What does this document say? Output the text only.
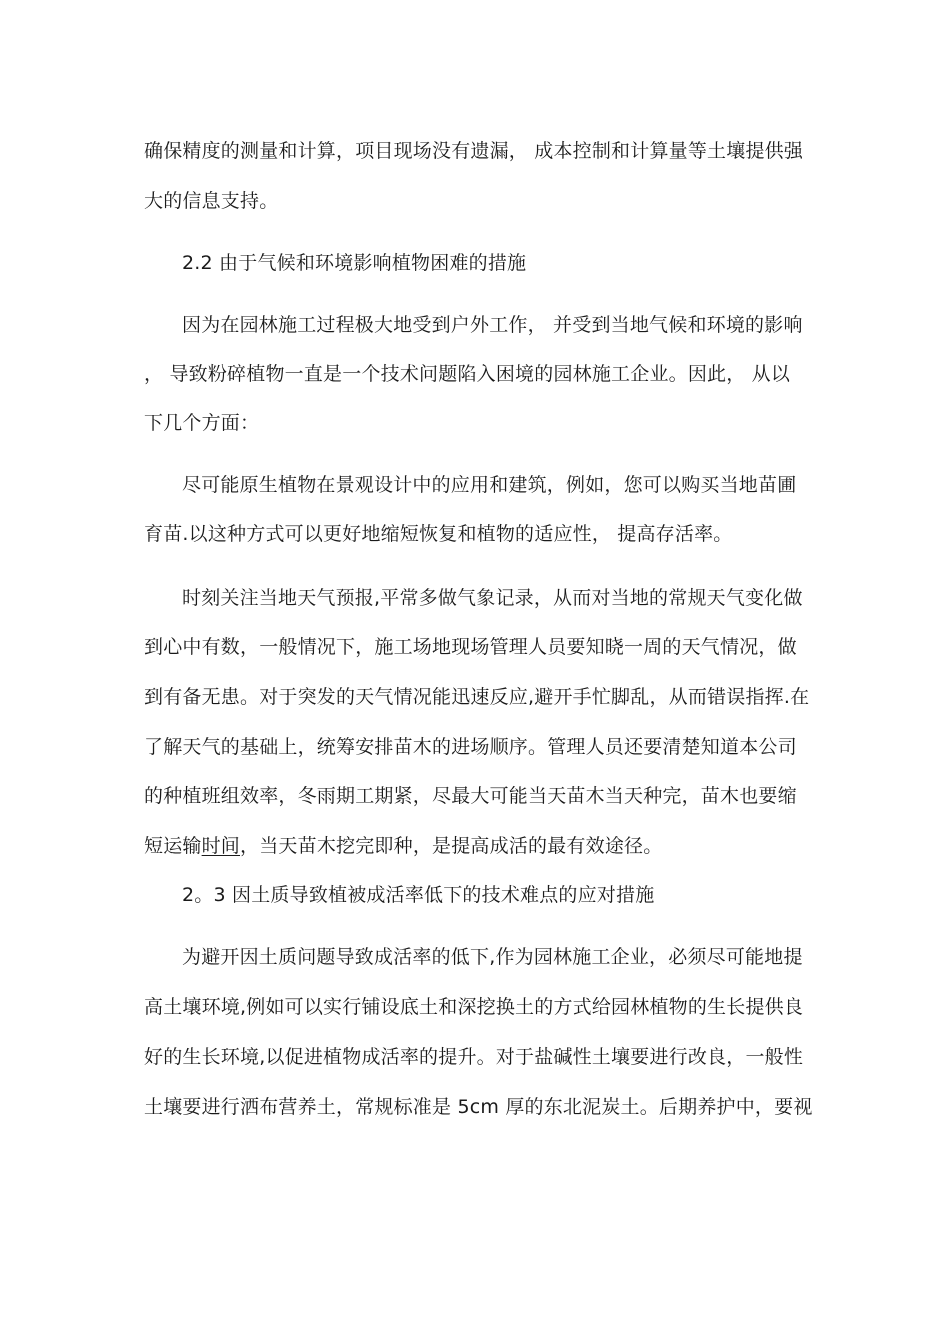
确保精度的测量和计算，项目现场没有遗漏， 成本控制和计算量等土壤提供强
大的信息支持。
2.2 由于气候和环境影响植物困难的措施
因为在园林施工过程极大地受到户外工作， 并受到当地气候和环境的影响
， 导致粉碎植物一直是一个技术问题陷入困境的园林施工企业。因此， 从以
下几个方面：
尽可能原生植物在景观设计中的应用和建筑，例如，您可以购买当地苗圃
育苗.以这种方式可以更好地缩短恢复和植物的适应性， 提高存活率。
时刻关注当地天气预报,平常多做气象记录，从而对当地的常规天气变化做
到心中有数，一般情况下，施工场地现场管理人员要知晓一周的天气情况，做
到有备无患。对于突发的天气情况能迅速反应,避开手忙脚乱，从而错误指挥.在
了解天气的基础上，统筹安排苗木的进场顺序。管理人员还要清楚知道本公司
的种植班组效率，冬雨期工期紧，尽最大可能当天苗木当天种完，苗木也要缩
短运输时间，当天苗木挖完即种，是提高成活的最有效途径。
2。3 因土质导致植被成活率低下的技术难点的应对措施
为避开因土质问题导致成活率的低下,作为园林施工企业，必须尽可能地提
高土壤环境,例如可以实行铺设底土和深挖换土的方式给园林植物的生长提供良
好的生长环境,以促进植物成活率的提升。对于盐碱性土壤要进行改良，一般性
土壤要进行洒布营养土，常规标准是 5cm 厚的东北泥炭土。后期养护中，要视
